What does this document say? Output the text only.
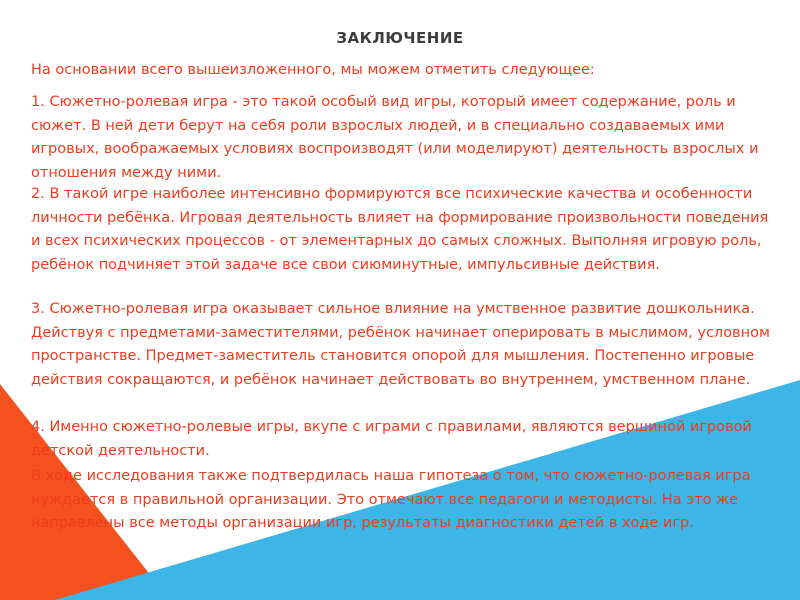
ЗАКЛЮЧЕНИЕ
На основании всего вышеизложенного, мы можем отметить следующее:
1. Сюжетно-ролевая игра - это такой особый вид игры, который имеет содержание, роль и сюжет. В ней дети берут на себя роли взрослых людей, и в специально создаваемых ими игровых, воображаемых условиях воспроизводят (или моделируют) деятельность взрослых и отношения между ними.
2. В такой игре наиболее интенсивно формируются все психические качества и особенности личности ребёнка. Игровая деятельность влияет на формирование произвольности поведения и всех психических процессов - от элементарных до самых сложных. Выполняя игровую роль, ребёнок подчиняет этой задаче все свои сиюминутные, импульсивные действия.
3. Сюжетно-ролевая игра оказывает сильное влияние на умственное развитие дошкольника. Действуя с предметами-заместителями, ребёнок начинает оперировать в мыслимом, условном пространстве. Предмет-заместитель становится опорой для мышления. Постепенно игровые действия сокращаются, и ребёнок начинает действовать во внутреннем, умственном плане.
4. Именно сюжетно-ролевые игры, вкупе с играми с правилами, являются вершиной игровой детской деятельности.
В ходе исследования также подтвердилась наша гипотеза о том, что сюжетно-ролевая игра нуждается в правильной организации. Это отмечают все педагоги и методисты. На это же направлены все методы организации игр, результаты диагностики детей в ходе игр.
